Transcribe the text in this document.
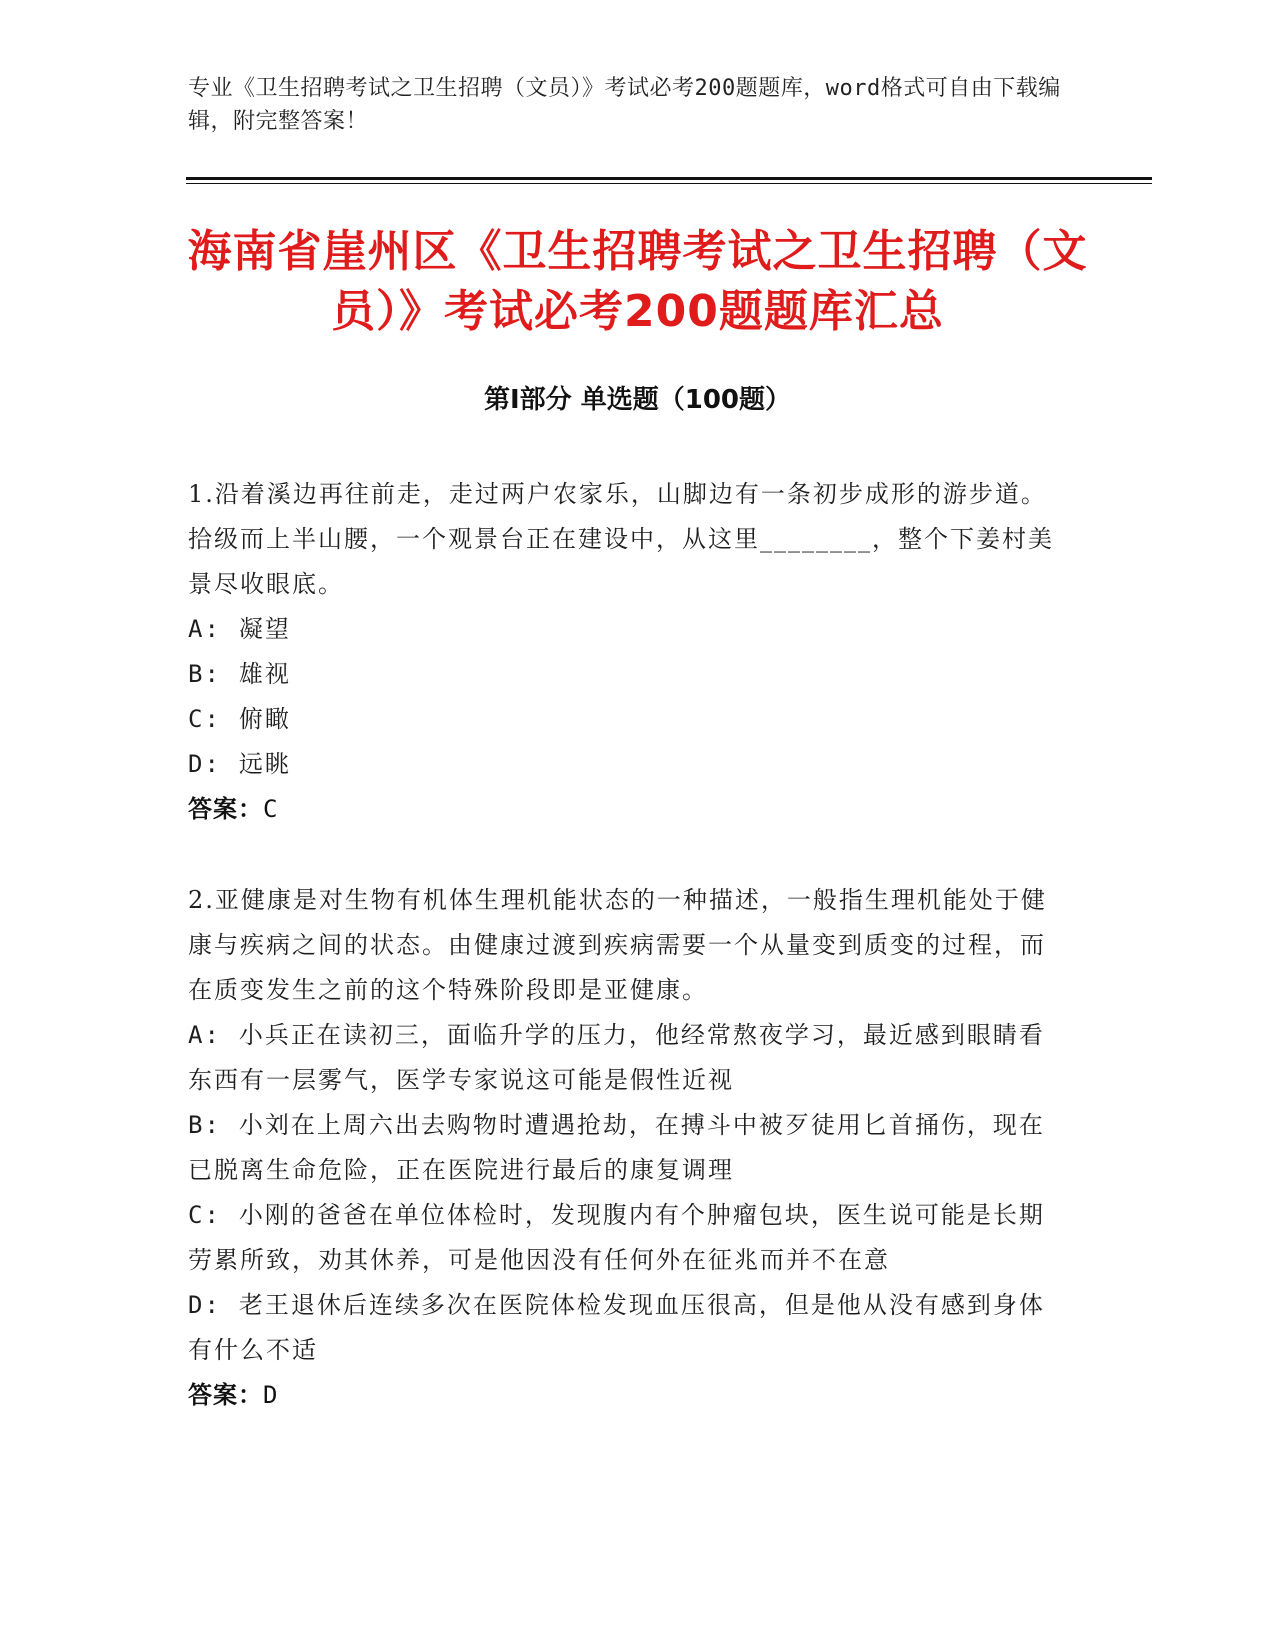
专业《卫生招聘考试之卫生招聘（文员）》考试必考200题题库，word格式可自由下载编辑，附完整答案！
海南省崖州区《卫生招聘考试之卫生招聘（文员）》考试必考200题题库汇总
第Ⅰ部分 单选题（100题）

1.沿着溪边再往前走，走过两户农家乐，山脚边有一条初步成形的游步道。拾级而上半山腰，一个观景台正在建设中，从这里________，整个下姜村美景尽收眼底。

A: 凝望

B: 雄视

C: 俯瞰

D: 远眺

答案：C

2.亚健康是对生物有机体生理机能状态的一种描述，一般指生理机能处于健康与疾病之间的状态。由健康过渡到疾病需要一个从量变到质变的过程，而在质变发生之前的这个特殊阶段即是亚健康。

A: 小兵正在读初三，面临升学的压力，他经常熬夜学习，最近感到眼睛看东西有一层雾气，医学专家说这可能是假性近视

B: 小刘在上周六出去购物时遭遇抢劫，在搏斗中被歹徒用匕首捅伤，现在已脱离生命危险，正在医院进行最后的康复调理

C: 小刚的爸爸在单位体检时，发现腹内有个肿瘤包块，医生说可能是长期劳累所致，劝其休养，可是他因没有任何外在征兆而并不在意

D: 老王退休后连续多次在医院体检发现血压很高，但是他从没有感到身体有什么不适

答案：D
